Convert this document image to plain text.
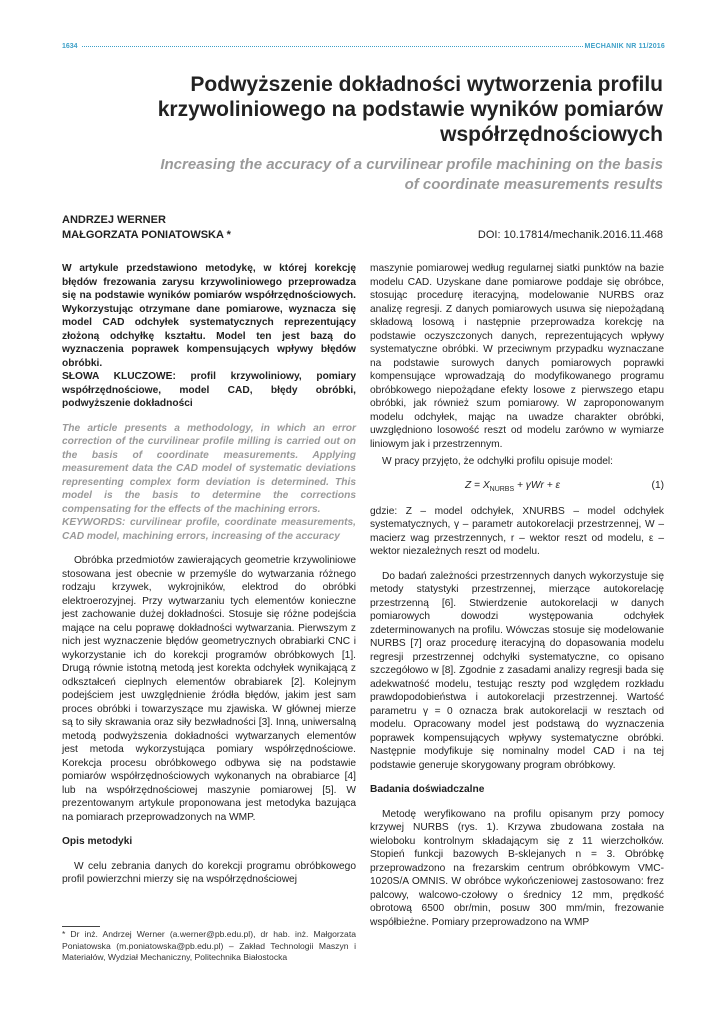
1634	MECHANIK NR 11/2016
Podwyższenie dokładności wytworzenia profilu krzywoliniowego na podstawie wyników pomiarów współrzędnościowych
Increasing the accuracy of a curvilinear profile machining on the basis of coordinate measurements results
ANDRZEJ WERNER
MAŁGORZATA PONIATOWSKA *	DOI: 10.17814/mechanik.2016.11.468

W artykule przedstawiono metodykę, w której korekcję błędów frezowania zarysu krzywoliniowego przeprowadza się na podstawie wyników pomiarów współrzędnościowych. Wykorzystując otrzymane dane pomiarowe, wyznacza się model CAD odchyłek systematycznych reprezentujący złożoną odchyłkę kształtu. Model ten jest bazą do wyznaczenia poprawek kompensujących wpływy błędów obróbki.

SŁOWA KLUCZOWE: profil krzywoliniowy, pomiary współrzędnościowe, model CAD, błędy obróbki, podwyższenie dokładności

The article presents a methodology, in which an error correction of the curvilinear profile milling is carried out on the basis of coordinate measurements. Applying measurement data the CAD model of systematic deviations representing complex form deviation is determined. This model is the basis to determine the corrections compensating for the effects of the machining errors.

KEYWORDS: curvilinear profile, coordinate measurements, CAD model, machining errors, increasing of the accuracy

Obróbka przedmiotów zawierających geometrie krzywoliniowe stosowana jest obecnie w przemyśle do wytwarzania różnego rodzaju krzywek, wykrojników, elektrod do obróbki elektroerozyjnej. Przy wytwarzaniu tych elementów konieczne jest zachowanie dużej dokładności. Stosuje się różne podejścia mające na celu poprawę dokładności wytwarzania. Pierwszym z nich jest wyznaczenie błędów geometrycznych obrabiarki CNC i wykorzystanie ich do korekcji programów obróbkowych [1]. Drugą równie istotną metodą jest korekta odchyłek wynikającą z odkształceń cieplnych elementów obrabiarek [2]. Kolejnym podejściem jest uwzględnienie źródła błędów, jakim jest sam proces obróbki i towarzyszące mu zjawiska. W głównej mierze są to siły skrawania oraz siły bezwładności [3]. Inną, uniwersalną metodą podwyższenia dokładności wytwarzanych elementów jest metoda wykorzystująca pomiary współrzędnościowe. Korekcja procesu obróbkowego odbywa się na podstawie pomiarów współrzędnościowych wykonanych na obrabiarce [4] lub na współrzędnościowej maszynie pomiarowej [5]. W prezentowanym artykule proponowana jest metodyka bazująca na pomiarach przeprowadzonych na WMP.

Opis metodyki

W celu zebrania danych do korekcji programu obróbkowego profil powierzchni mierzy się na współrzędnościowej

maszynie pomiarowej według regularnej siatki punktów na bazie modelu CAD. Uzyskane dane pomiarowe poddaje się obróbce, stosując procedurę iteracyjną, modelowanie NURBS oraz analizę regresji. Z danych pomiarowych usuwa się niepożądaną składową losową i następnie przeprowadza korekcję na podstawie oczyszczonych danych, reprezentujących wpływy systematyczne obróbki. W przeciwnym przypadku wyznaczane na podstawie surowych danych pomiarowych poprawki kompensujące wprowadzają do modyfikowanego programu obróbkowego niepożądane efekty losowe z pierwszego etapu obróbki, jak również szum pomiarowy. W zaproponowanym modelu odchyłek, mając na uwadze charakter obróbki, uwzględniono losowość reszt od modelu zarówno w wymiarze liniowym jak i przestrzennym.

W pracy przyjęto, że odchyłki profilu opisuje model:

$Z = X_{NURBS} + \gamma Wr + \varepsilon$	(1)

gdzie: Z – model odchyłek, XNURBS – model odchyłek systematycznych, γ – parametr autokorelacji przestrzennej, W – macierz wag przestrzennych, r – wektor reszt od modelu, ε – wektor niezależnych reszt od modelu.

Do badań zależności przestrzennych danych wykorzystuje się metody statystyki przestrzennej, mierzące autokorelację przestrzenną [6]. Stwierdzenie autokorelacji w danych pomiarowych dowodzi występowania odchyłek zdeterminowanych na profilu. Wówczas stosuje się modelowanie NURBS [7] oraz procedurę iteracyjną do dopasowania modelu regresji przestrzennej odchyłki systematyczne, co opisano szczegółowo w [8]. Zgodnie z zasadami analizy regresji bada się adekwatność modelu, testując reszty pod względem rozkładu prawdopodobieństwa i autokorelacji przestrzennej. Wartość parametru γ = 0 oznacza brak autokorelacji w resztach od modelu. Opracowany model jest podstawą do wyznaczenia poprawek kompensujących wpływy systematyczne obróbki. Następnie modyfikuje się nominalny model CAD i na tej podstawie generuje skorygowany program obróbkowy.

Badania doświadczalne

Metodę weryfikowano na profilu opisanym przy pomocy krzywej NURBS (rys. 1). Krzywa zbudowana została na wieloboku kontrolnym składającym się z 11 wierzchołków. Stopień funkcji bazowych B-sklejanych n = 3. Obróbkę przeprowadzono na frezarskim centrum obróbkowym VMC-1020S/A OMNIS. W obróbce wykończeniowej zastosowano: frez palcowy, walcowo-czołowy o średnicy 12 mm, prędkość obrotową 6500 obr/min, posuw 300 mm/min, frezowanie współbieżne. Pomiary przeprowadzono na WMP

* Dr inż. Andrzej Werner (a.werner@pb.edu.pl), dr hab. inż. Małgorzata Poniatowska (m.poniatowska@pb.edu.pl) – Zakład Technologii Maszyn i Materiałów, Wydział Mechaniczny, Politechnika Białostocka
